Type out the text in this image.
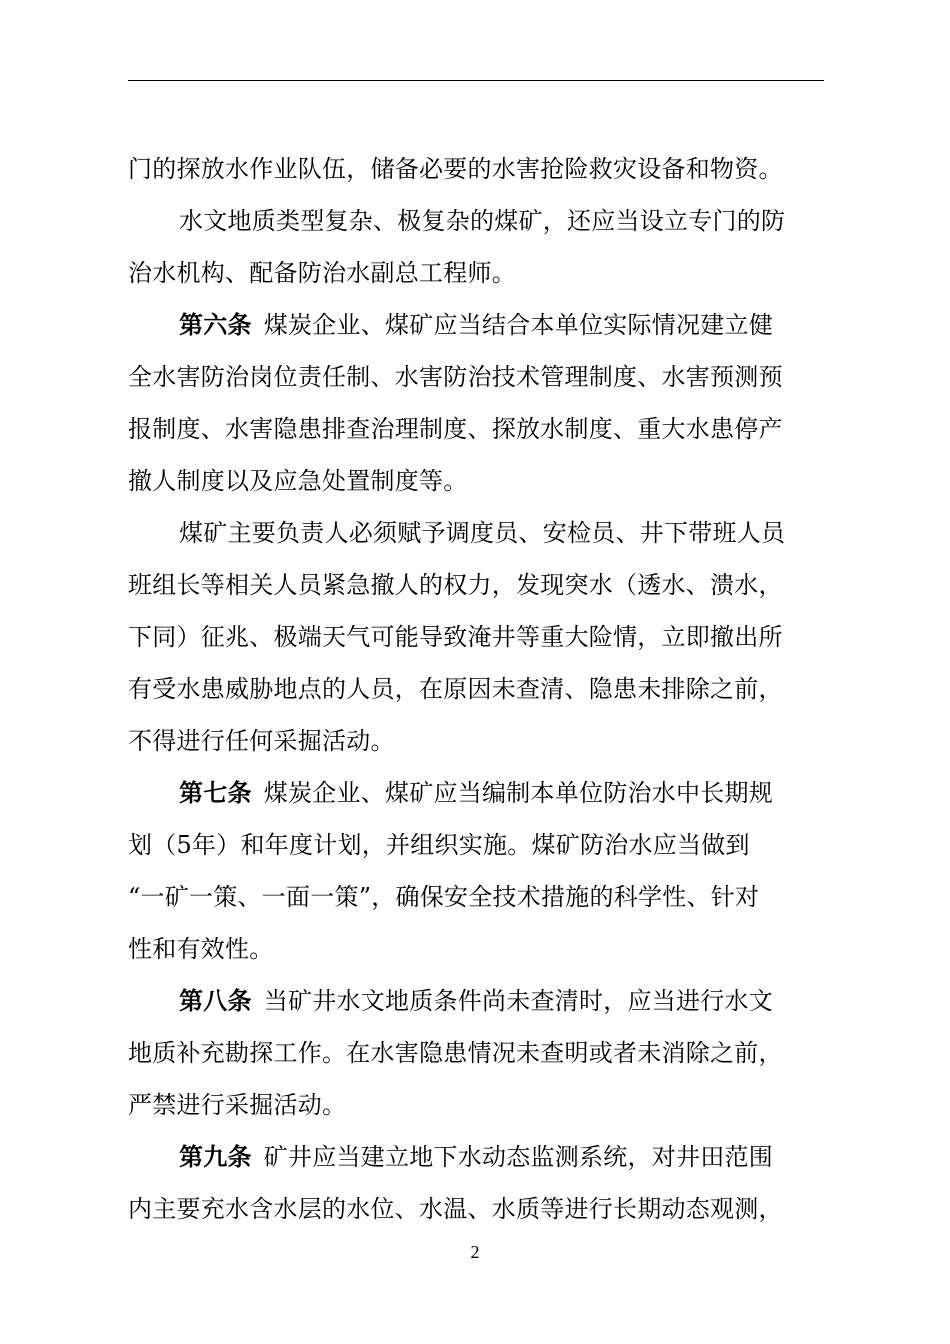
门的探放水作业队伍，储备必要的水害抢险救灾设备和物资。
水文地质类型复杂、极复杂的煤矿，还应当设立专门的防
治水机构、配备防治水副总工程师。
第六条 煤炭企业、煤矿应当结合本单位实际情况建立健
全水害防治岗位责任制、水害防治技术管理制度、水害预测预
报制度、水害隐患排查治理制度、探放水制度、重大水患停产
撤人制度以及应急处置制度等。
煤矿主要负责人必须赋予调度员、安检员、井下带班人员
班组长等相关人员紧急撤人的权力，发现突水（透水、溃水，
下同）征兆、极端天气可能导致淹井等重大险情，立即撤出所
有受水患威胁地点的人员，在原因未查清、隐患未排除之前，
不得进行任何采掘活动。
第七条 煤炭企业、煤矿应当编制本单位防治水中长期规
划（5年）和年度计划，并组织实施。煤矿防治水应当做到
“一矿一策、一面一策”，确保安全技术措施的科学性、针对
性和有效性。
第八条 当矿井水文地质条件尚未查清时，应当进行水文
地质补充勘探工作。在水害隐患情况未查明或者未消除之前，
严禁进行采掘活动。
第九条 矿井应当建立地下水动态监测系统，对井田范围
内主要充水含水层的水位、水温、水质等进行长期动态观测，
2
